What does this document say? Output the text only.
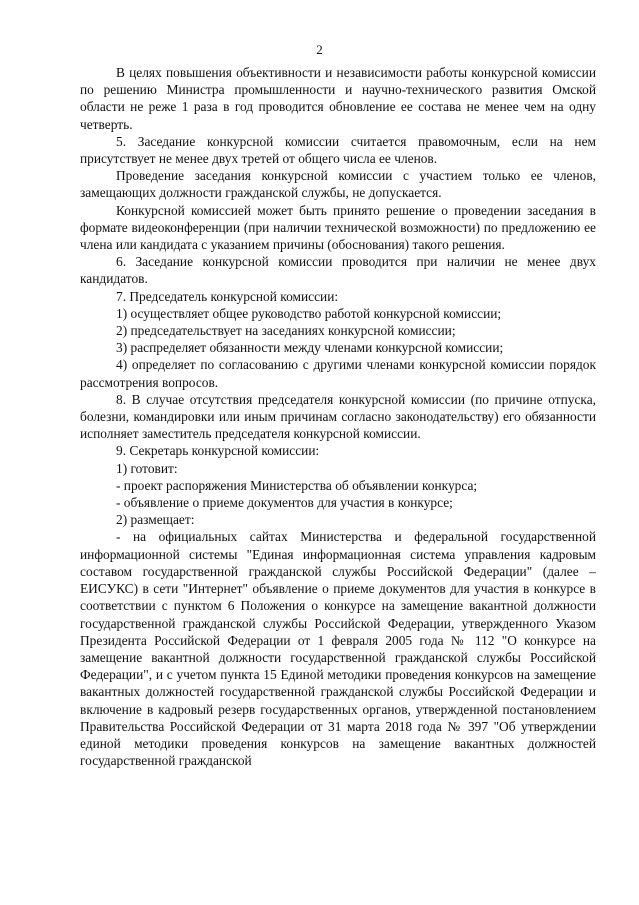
2

В целях повышения объективности и независимости работы конкурсной комиссии по решению Министра промышленности и научно-технического развития Омской области не реже 1 раза в год проводится обновление ее состава не менее чем на одну четверть.

5. Заседание конкурсной комиссии считается правомочным, если на нем присутствует не менее двух третей от общего числа ее членов.

Проведение заседания конкурсной комиссии с участием только ее членов, замещающих должности гражданской службы, не допускается.

Конкурсной комиссией может быть принято решение о проведении заседания в формате видеоконференции (при наличии технической возможности) по предложению ее члена или кандидата с указанием причины (обоснования) такого решения.

6. Заседание конкурсной комиссии проводится при наличии не менее двух кандидатов.

7. Председатель конкурсной комиссии:

1) осуществляет общее руководство работой конкурсной комиссии;

2) председательствует на заседаниях конкурсной комиссии;

3) распределяет обязанности между членами конкурсной комиссии;

4) определяет по согласованию с другими членами конкурсной комиссии порядок рассмотрения вопросов.

8. В случае отсутствия председателя конкурсной комиссии (по причине отпуска, болезни, командировки или иным причинам согласно законодательству) его обязанности исполняет заместитель председателя конкурсной комиссии.

9. Секретарь конкурсной комиссии:

1) готовит:

- проект распоряжения Министерства об объявлении конкурса;

- объявление о приеме документов для участия в конкурсе;

2) размещает:

- на официальных сайтах Министерства и федеральной государственной информационной системы "Единая информационная система управления кадровым составом государственной гражданской службы Российской Федерации" (далее – ЕИСУКС) в сети "Интернет" объявление о приеме документов для участия в конкурсе в соответствии с пунктом 6 Положения о конкурсе на замещение вакантной должности государственной гражданской службы Российской Федерации, утвержденного Указом Президента Российской Федерации от 1 февраля 2005 года № 112 "О конкурсе на замещение вакантной должности государственной гражданской службы Российской Федерации", и с учетом пункта 15 Единой методики проведения конкурсов на замещение вакантных должностей государственной гражданской службы Российской Федерации и включение в кадровый резерв государственных органов, утвержденной постановлением Правительства Российской Федерации от 31 марта 2018 года № 397 "Об утверждении единой методики проведения конкурсов на замещение вакантных должностей государственной гражданской
